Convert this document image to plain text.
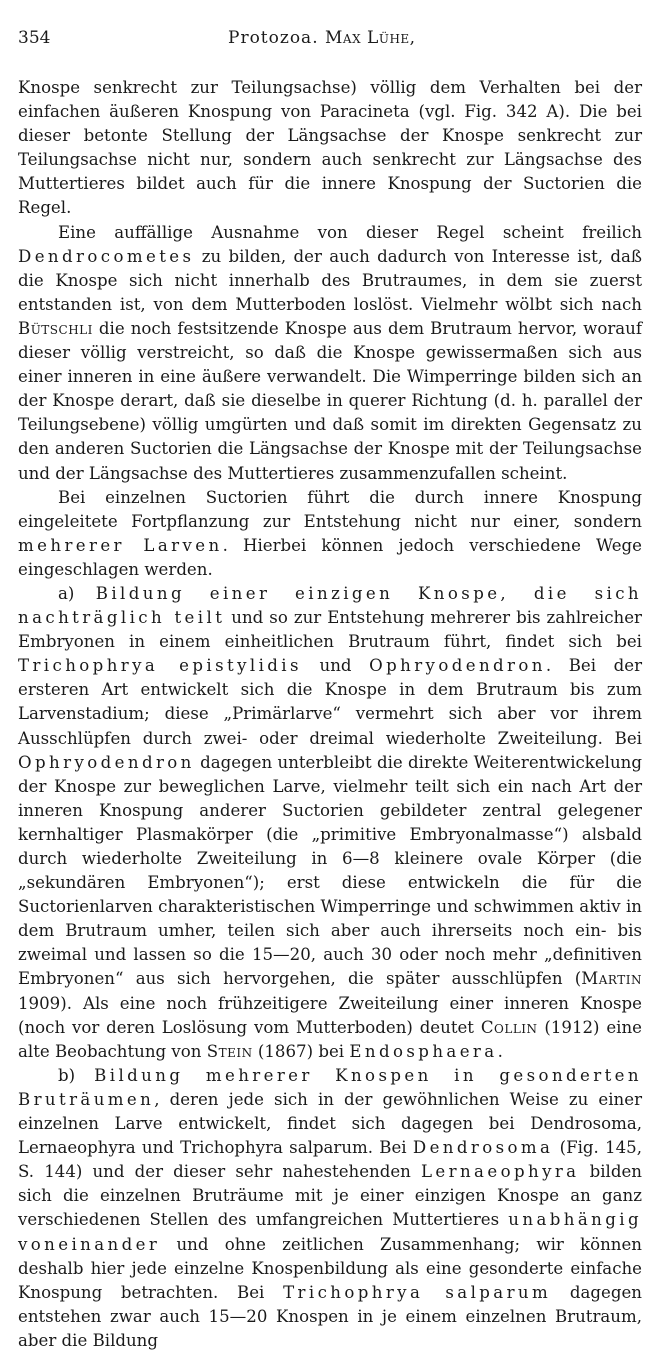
354	Protozoa. Max Lühe,

Knospe senkrecht zur Teilungsachse) völlig dem Verhalten bei der einfachen äußeren Knospung von Paracineta (vgl. Fig. 342 A). Die bei dieser betonte Stellung der Längsachse der Knospe senkrecht zur Teilungsachse nicht nur, sondern auch senkrecht zur Längsachse des Muttertieres bildet auch für die innere Knospung der Suctorien die Regel.

Eine auffällige Ausnahme von dieser Regel scheint freilich Dendrocometes zu bilden, der auch dadurch von Interesse ist, daß die Knospe sich nicht innerhalb des Brutraumes, in dem sie zuerst entstanden ist, von dem Mutterboden loslöst. Vielmehr wölbt sich nach Bütschli die noch festsitzende Knospe aus dem Brutraum hervor, worauf dieser völlig verstreicht, so daß die Knospe gewissermaßen sich aus einer inneren in eine äußere verwandelt. Die Wimperringe bilden sich an der Knospe derart, daß sie dieselbe in querer Richtung (d. h. parallel der Teilungsebene) völlig umgürten und daß somit im direkten Gegensatz zu den anderen Suctorien die Längsachse der Knospe mit der Teilungsachse und der Längsachse des Muttertieres zusammenzufallen scheint.

Bei einzelnen Suctorien führt die durch innere Knospung eingeleitete Fortpflanzung zur Entstehung nicht nur einer, sondern mehrerer Larven. Hierbei können jedoch verschiedene Wege eingeschlagen werden.

a) Bildung einer einzigen Knospe, die sich nachträglich teilt und so zur Entstehung mehrerer bis zahlreicher Embryonen in einem einheitlichen Brutraum führt, findet sich bei Trichophrya epistylidis und Ophryodendron. Bei der ersteren Art entwickelt sich die Knospe in dem Brutraum bis zum Larvenstadium; diese „Primärlarve“ vermehrt sich aber vor ihrem Ausschlüpfen durch zwei- oder dreimal wiederholte Zweiteilung. Bei Ophryodendron dagegen unterbleibt die direkte Weiterentwickelung der Knospe zur beweglichen Larve, vielmehr teilt sich ein nach Art der inneren Knospung anderer Suctorien gebildeter zentral gelegener kernhaltiger Plasmakörper (die „primitive Embryonalmasse“) alsbald durch wiederholte Zweiteilung in 6—8 kleinere ovale Körper (die „sekundären Embryonen“); erst diese entwickeln die für die Suctorienlarven charakteristischen Wimperringe und schwimmen aktiv in dem Brutraum umher, teilen sich aber auch ihrerseits noch ein- bis zweimal und lassen so die 15—20, auch 30 oder noch mehr „definitiven Embryonen“ aus sich hervorgehen, die später ausschlüpfen (Martin 1909). Als eine noch frühzeitigere Zweiteilung einer inneren Knospe (noch vor deren Loslösung vom Mutterboden) deutet Collin (1912) eine alte Beobachtung von Stein (1867) bei Endosphaera.

b) Bildung mehrerer Knospen in gesonderten Bruträumen, deren jede sich in der gewöhnlichen Weise zu einer einzelnen Larve entwickelt, findet sich dagegen bei Dendrosoma, Lernaeophyra und Trichophyra salparum. Bei Dendrosoma (Fig. 145, S. 144) und der dieser sehr nahestehenden Lernaeophyra bilden sich die einzelnen Bruträume mit je einer einzigen Knospe an ganz verschiedenen Stellen des umfangreichen Muttertieres unabhängig voneinander und ohne zeitlichen Zusammenhang; wir können deshalb hier jede einzelne Knospenbildung als eine gesonderte einfache Knospung betrachten. Bei Trichophrya salparum dagegen entstehen zwar auch 15—20 Knospen in je einem einzelnen Brutraum, aber die Bildung
